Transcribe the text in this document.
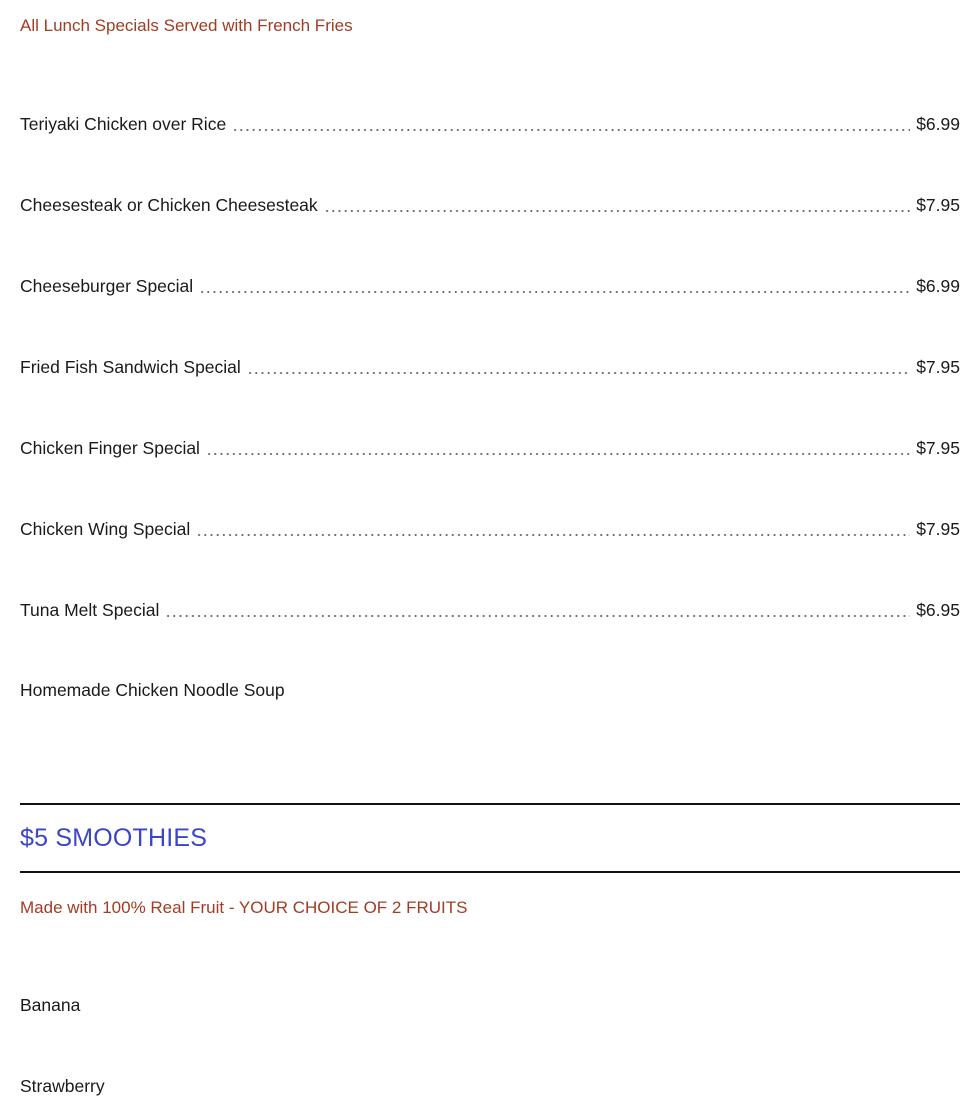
All Lunch Specials Served with French Fries
Teriyaki Chicken over Rice	$6.99
Cheesesteak or Chicken Cheesesteak	$7.95
Cheeseburger Special	$6.99
Fried Fish Sandwich Special	$7.95
Chicken Finger Special	$7.95
Chicken Wing Special	$7.95
Tuna Melt Special	$6.95
Homemade Chicken Noodle Soup
$5 SMOOTHIES
Made with 100% Real Fruit - YOUR CHOICE OF 2 FRUITS
Banana
Strawberry
